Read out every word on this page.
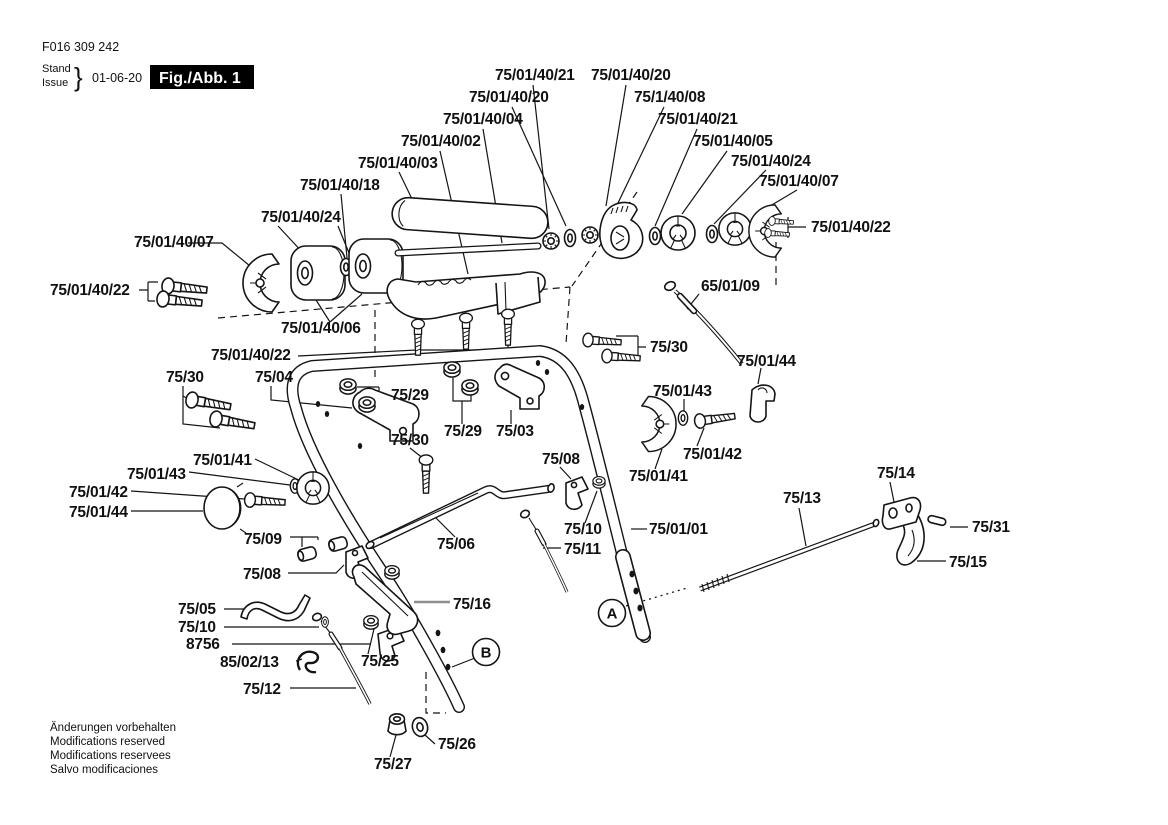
75/01/40/21 75/01/40/20
75/01/40/20	75/1/40/08
75/01/40/04	75/01/40/21
75/01/40/02	75/01/40/05
75/01/40/03	75/01/40/24
75/01/40/18	75/01/40/07
75/01/40/24
75/01/40/07
75/01/40/22
75/01/40/22	65/01/09
75/01/40/06
75/01/40/22	75/30
75/01/44
75/30	75/04
75/29	75/01/43
75/29 75/03
75/30
75/08	75/01/42
75/01/41
75/01/41
75/01/43	75/14
75/01/42	75/13
75/01/44
75/09
75/10	75/31
75/06	75/11
75/01/01
75/15
75/08
75/16
75/05
75/10
8756
85/02/13	75/25
75/12
75/26
75/27
A
B
F016 309 242
Stand
Issue } 01-06-20 Fig./Abb. 1
Änderungen vorbehalten
Modifications reserved
Modifications reservees
Salvo modificaciones
